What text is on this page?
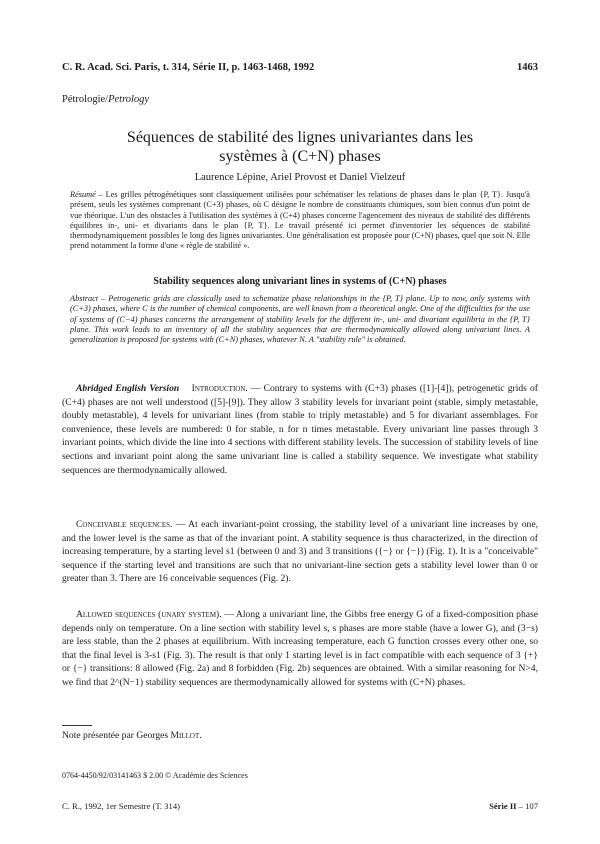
C. R. Acad. Sci. Paris, t. 314, Série II, p. 1463-1468, 1992	1463
Pétrologie/Petrology
Séquences de stabilité des lignes univariantes dans les
systèmes à (C+N) phases
Laurence Lépine, Ariel Provost et Daniel Vielzeuf

Résumé – Les grilles pétrogénétiques sont classiquement utilisées pour schématiser les relations de phases dans le plan {P, T}. Jusqu'à présent, seuls les systèmes comprenant (C+3) phases, où C désigne le nombre de constituants chimiques, sont bien connus d'un point de vue théorique. L'un des obstacles à l'utilisation des systèmes à (C+4) phases concerne l'agencement des niveaux de stabilité des différents équilibres in-, uni- et divariants dans le plan {P, T}. Le travail présenté ici permet d'inventorier les séquences de stabilité thermodynamiquement possibles le long des lignes univariantes. Une généralisation est proposée pour (C+N) phases, quel que soit N. Elle prend notamment la forme d'une « règle de stabilité ».

Stability sequences along univariant lines in systems of (C+N) phases

Abstract – Petrogenetic grids are classically used to schematize phase relationships in the {P, T} plane. Up to now, only systems with (C+3) phases, where C is the number of chemical components, are well known from a theoretical angle. One of the difficulties for the use of systems of (C−4) phases concerns the arrangement of stability levels for the different in-, uni- and divariant equilibria in the {P, T} plane. This work leads to an inventory of all the stability sequences that are thermodynamically allowed along univariant lines. A generalization is proposed for systems with (C+N) phases, whatever N. A "stability rule" is obtained.

Abridged English Version Introduction. — Contrary to systems with (C+3) phases ([1]-[4]), petrogenetic grids of (C+4) phases are not well understood ([5]-[9]). They allow 3 stability levels for invariant point (stable, simply metastable, doubly metastable), 4 levels for univariant lines (from stable to triply metastable) and 5 for divariant assemblages. For convenience, these levels are numbered: 0 for stable, n for n times metastable. Every univariant line passes through 3 invariant points, which divide the line into 4 sections with different stability levels. The succession of stability levels of line sections and invariant point along the same univariant line is called a stability sequence. We investigate what stability sequences are thermodynamically allowed.

Conceivable sequences. — At each invariant-point crossing, the stability level of a univariant line increases by one, and the lower level is the same as that of the invariant point. A stability sequence is thus characterized, in the direction of increasing temperature, by a starting level s1 (between 0 and 3) and 3 transitions ({−} or {−}) (Fig. 1). It is a "conceivable" sequence if the starting level and transitions are such that no univariant-line section gets a stability level lower than 0 or greater than 3. There are 16 conceivable sequences (Fig. 2).

Allowed sequences (unary system). — Along a univariant line, the Gibbs free energy G of a fixed-composition phase depends only on temperature. On a line section with stability level s, s phases are more stable (have a lower G), and (3−s) are less stable, than the 2 phases at equilibrium. With increasing temperature, each G function crosses every other one, so that the final level is 3-s1 (Fig. 3). The result is that only 1 starting level is in fact compatible with each sequence of 3 {+} or {−} transitions: 8 allowed (Fig. 2a) and 8 forbidden (Fig. 2b) sequences are obtained. With a similar reasoning for N>4, we find that 2^(N−1) stability sequences are thermodynamically allowed for systems with (C+N) phases.

Note présentée par Georges Millot.
0764-4450/92/03141463 $ 2.00 © Académie des Sciences
C. R., 1992, 1er Semestre (T. 314)	Série II – 107
